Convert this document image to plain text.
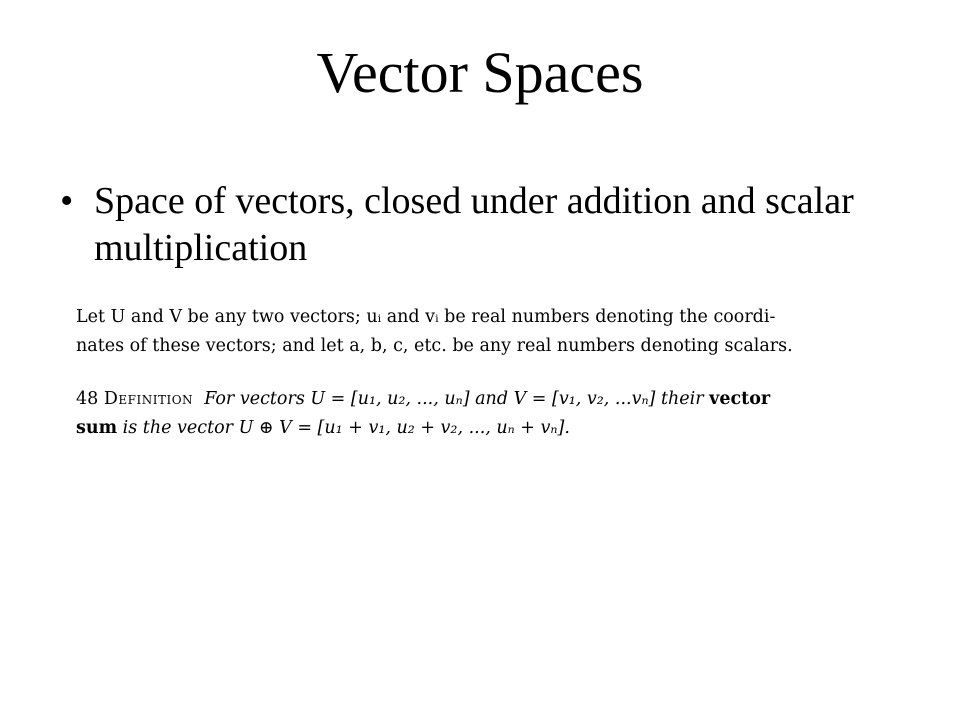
Vector Spaces
• Space of vectors, closed under addition and scalar multiplication

Let U and V be any two vectors; uᵢ and vᵢ be real numbers denoting the coordi-

nates of these vectors; and let a, b, c, etc. be any real numbers denoting scalars.

48 Definition For vectors U = [u₁, u₂, ..., uₙ] and V = [v₁, v₂, ...vₙ] their vector

sum is the vector U ⊕ V = [u₁ + v₁, u₂ + v₂, ..., uₙ + vₙ].
